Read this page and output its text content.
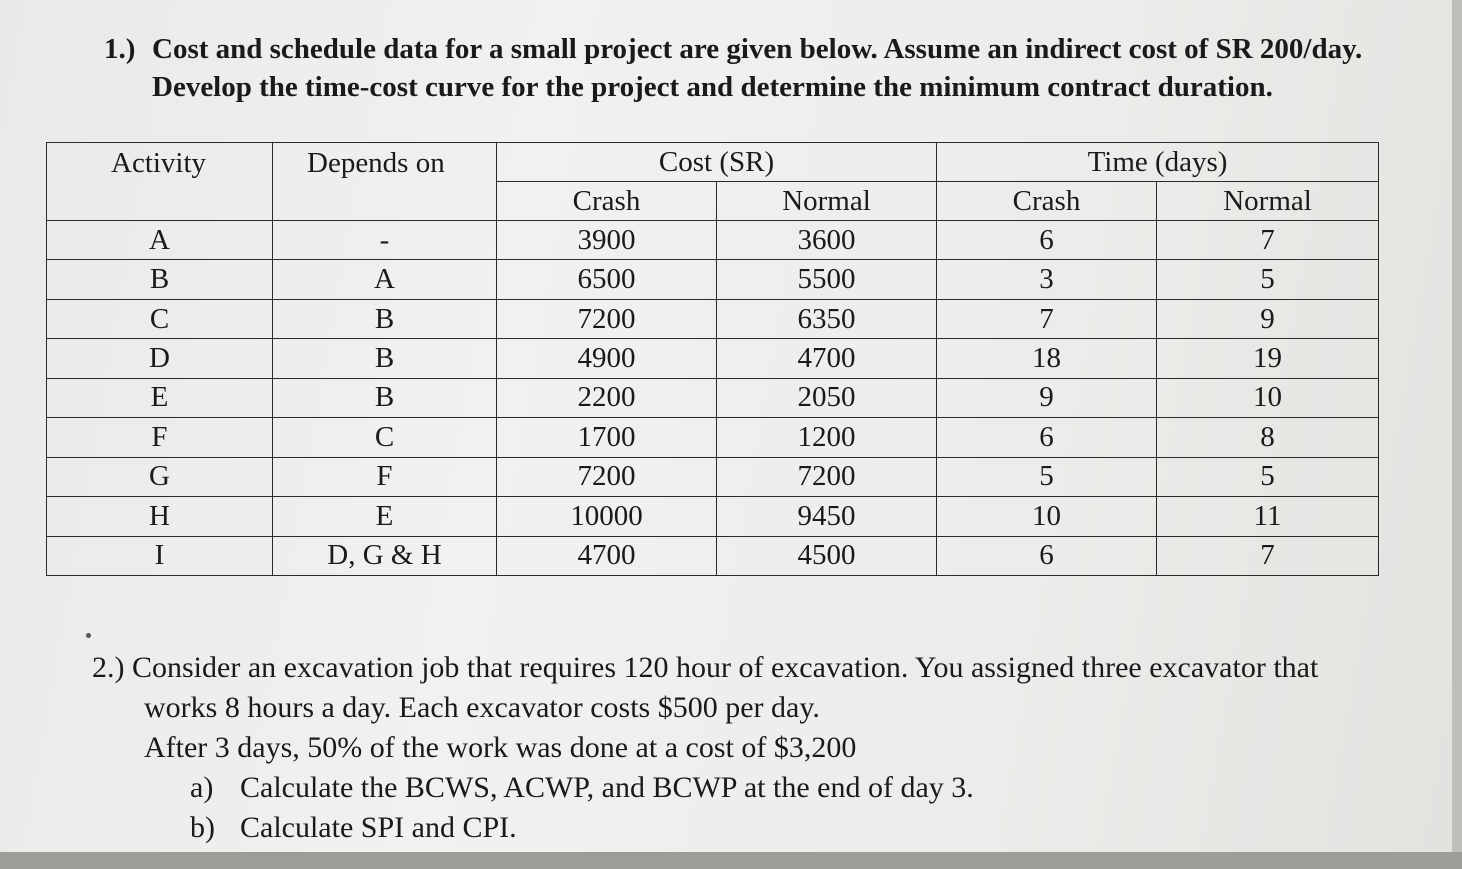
1.) Cost and schedule data for a small project are given below. Assume an indirect cost of SR 200/day.
Develop the time-cost curve for the project and determine the minimum contract duration.
Activity	Depends on	Cost (SR)		Time (days)	
		Crash	Normal	Crash	Normal
A	-	3900	3600	6	7
B	A	6500	5500	3	5
C	B	7200	6350	7	9
D	B	4900	4700	18	19
E	B	2200	2050	9	10
F	C	1700	1200	6	8
G	F	7200	7200	5	5
H	E	10000	9450	10	11
I	D, G & H	4700	4500	6	7
2.) Consider an excavation job that requires 120 hour of excavation. You assigned three excavator that
works 8 hours a day. Each excavator costs $500 per day.
After 3 days, 50% of the work was done at a cost of $3,200
a) Calculate the BCWS, ACWP, and BCWP at the end of day 3.
b) Calculate SPI and CPI.
